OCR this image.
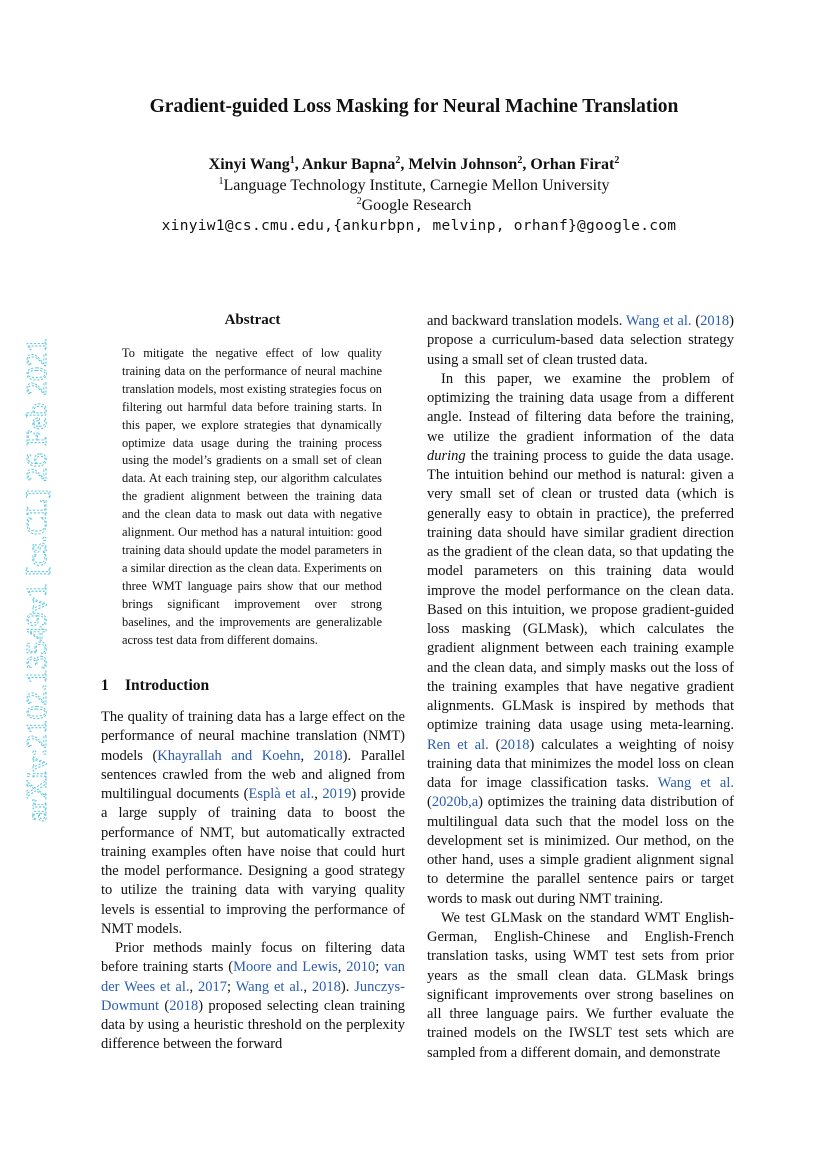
arXiv:2102.13549v1 [cs.CL] 26 Feb 2021
Gradient-guided Loss Masking for Neural Machine Translation
Xinyi Wang$^1$, Ankur Bapna$^2$, Melvin Johnson$^2$, Orhan Firat$^2$
$^1$Language Technology Institute, Carnegie Mellon University
$^2$Google Research
xinyiw1@cs.cmu.edu,{ankurbpn, melvinp, orhanf}@google.com
Abstract
To mitigate the negative effect of low quality training data on the performance of neural machine translation models, most existing strategies focus on filtering out harmful data before training starts. In this paper, we explore strategies that dynamically optimize data usage during the training process using the model’s gradients on a small set of clean data. At each training step, our algorithm calculates the gradient alignment between the training data and the clean data to mask out data with negative alignment. Our method has a natural intuition: good training data should update the model parameters in a similar direction as the clean data. Experiments on three WMT language pairs show that our method brings significant improvement over strong baselines, and the improvements are generalizable across test data from different domains.
1 Introduction

The quality of training data has a large effect on the performance of neural machine translation (NMT) models (Khayrallah and Koehn, 2018). Parallel sentences crawled from the web and aligned from multilingual documents (Esplà et al., 2019) provide a large supply of training data to boost the performance of NMT, but automatically extracted training examples often have noise that could hurt the model performance. Designing a good strategy to utilize the training data with varying quality levels is essential to improving the performance of NMT models.

Prior methods mainly focus on filtering data before training starts (Moore and Lewis, 2010; van der Wees et al., 2017; Wang et al., 2018). Junczys-Dowmunt (2018) proposed selecting clean training data by using a heuristic threshold on the perplexity difference between the forward

and backward translation models. Wang et al. (2018) propose a curriculum-based data selection strategy using a small set of clean trusted data.

In this paper, we examine the problem of optimizing the training data usage from a different angle. Instead of filtering data before the training, we utilize the gradient information of the data during the training process to guide the data usage. The intuition behind our method is natural: given a very small set of clean or trusted data (which is generally easy to obtain in practice), the preferred training data should have similar gradient direction as the gradient of the clean data, so that updating the model parameters on this training data would improve the model performance on the clean data. Based on this intuition, we propose gradient-guided loss masking (GLMask), which calculates the gradient alignment between each training example and the clean data, and simply masks out the loss of the training examples that have negative gradient alignments. GLMask is inspired by methods that optimize training data usage using meta-learning. Ren et al. (2018) calculates a weighting of noisy training data that minimizes the model loss on clean data for image classification tasks. Wang et al. (2020b,a) optimizes the training data distribution of multilingual data such that the model loss on the development set is minimized. Our method, on the other hand, uses a simple gradient alignment signal to determine the parallel sentence pairs or target words to mask out during NMT training.

We test GLMask on the standard WMT English-German, English-Chinese and English-French translation tasks, using WMT test sets from prior years as the small clean data. GLMask brings significant improvements over strong baselines on all three language pairs. We further evaluate the trained models on the IWSLT test sets which are sampled from a different domain, and demonstrate
